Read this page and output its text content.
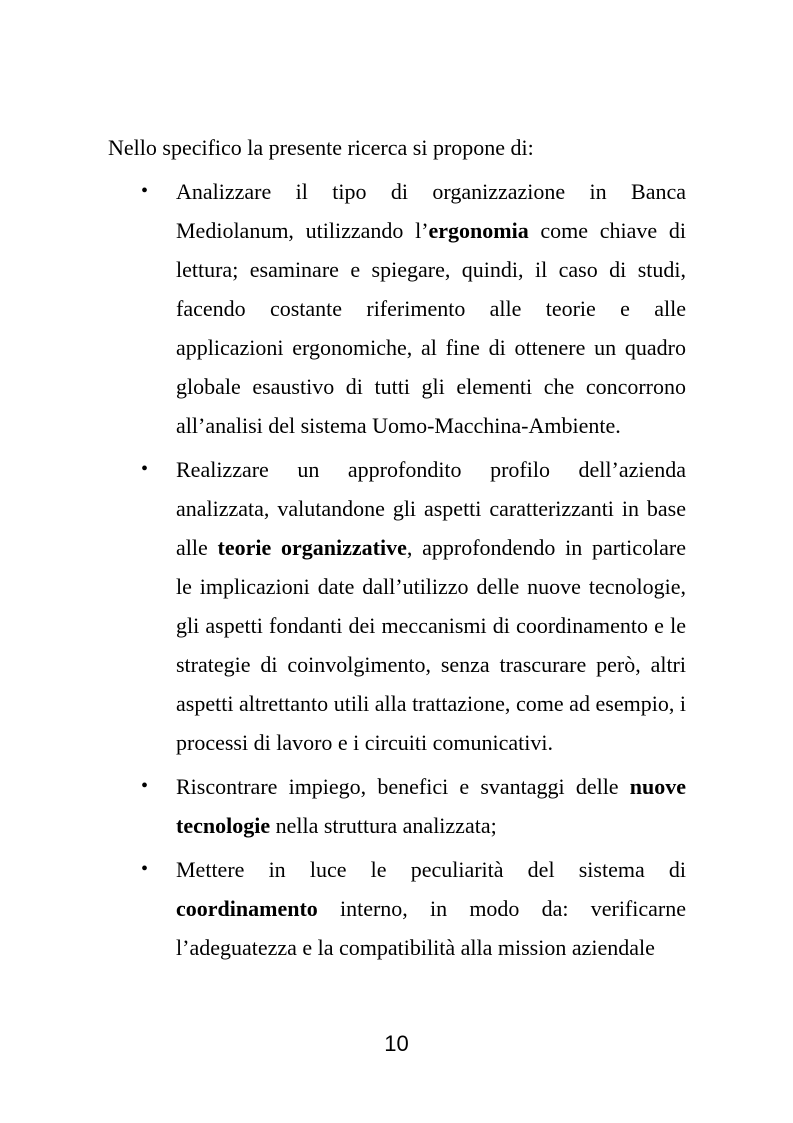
Nello specifico la presente ricerca si propone di:

• Analizzare il tipo di organizzazione in Banca Mediolanum, utilizzando l’ergonomia come chiave di lettura; esaminare e spiegare, quindi, il caso di studi, facendo costante riferimento alle teorie e alle applicazioni ergonomiche, al fine di ottenere un quadro globale esaustivo di tutti gli elementi che concorrono all’analisi del sistema Uomo-Macchina-Ambiente.

• Realizzare un approfondito profilo dell’azienda analizzata, valutandone gli aspetti caratterizzanti in base alle teorie organizzative, approfondendo in particolare le implicazioni date dall’utilizzo delle nuove tecnologie, gli aspetti fondanti dei meccanismi di coordinamento e le strategie di coinvolgimento, senza trascurare però, altri aspetti altrettanto utili alla trattazione, come ad esempio, i processi di lavoro e i circuiti comunicativi.

• Riscontrare impiego, benefici e svantaggi delle nuove tecnologie nella struttura analizzata;

• Mettere in luce le peculiarità del sistema di coordinamento interno, in modo da: verificarne l’adeguatezza e la compatibilità alla mission aziendale

10
